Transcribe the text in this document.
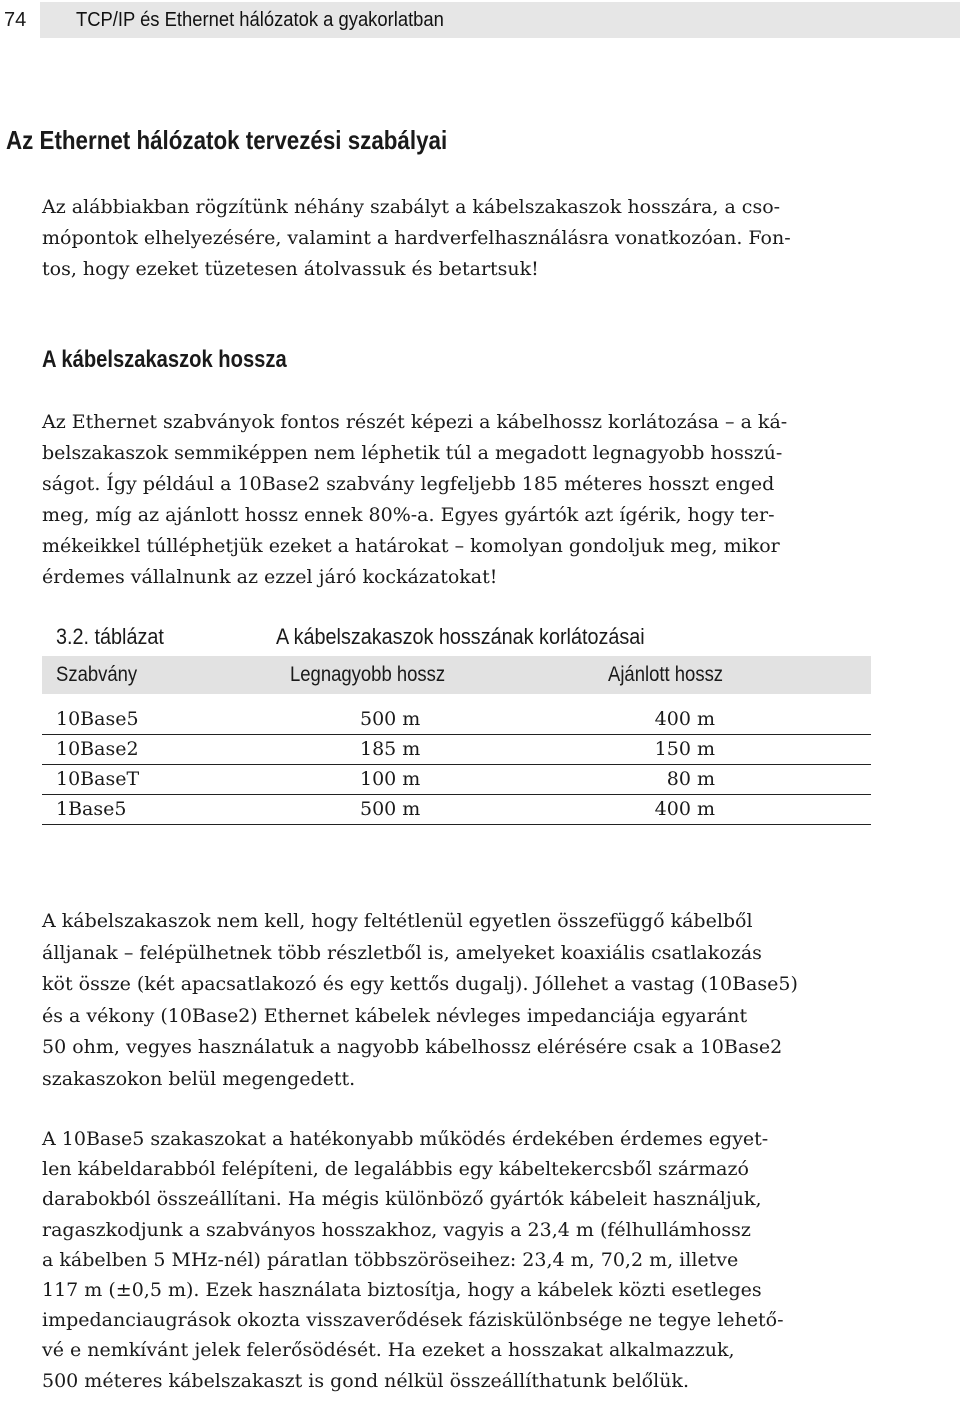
74	TCP/IP és Ethernet hálózatok a gyakorlatban
Az Ethernet hálózatok tervezési szabályai

Az alábbiakban rögzítünk néhány szabályt a kábelszakaszok hosszára, a cso-
mópontok elhelyezésére, valamint a hardverfelhasználásra vonatkozóan. Fon-
tos, hogy ezeket tüzetesen átolvassuk és betartsuk!

A kábelszakaszok hossza

Az Ethernet szabványok fontos részét képezi a kábelhossz korlátozása – a ká-
belszakaszok semmiképpen nem léphetik túl a megadott legnagyobb hosszú-
ságot. Így például a 10Base2 szabvány legfeljebb 185 méteres hosszt enged
meg, míg az ajánlott hossz ennek 80%-a. Egyes gyártók azt ígérik, hogy ter-
mékeikkel túlléphetjük ezeket a határokat – komolyan gondoljuk meg, mikor
érdemes vállalnunk az ezzel járó kockázatokat!

3.2. táblázat	A kábelszakaszok hosszának korlátozásai
Szabvány	Legnagyobb hossz	Ajánlott hossz
10Base5	500 m	400 m
10Base2	185 m	150 m
10BaseT	100 m	80 m
1Base5	500 m	400 m

A kábelszakaszok nem kell, hogy feltétlenül egyetlen összefüggő kábelből
álljanak – felépülhetnek több részletből is, amelyeket koaxiális csatlakozás
köt össze (két apacsatlakozó és egy kettős dugalj). Jóllehet a vastag (10Base5)
és a vékony (10Base2) Ethernet kábelek névleges impedanciája egyaránt
50 ohm, vegyes használatuk a nagyobb kábelhossz elérésére csak a 10Base2
szakaszokon belül megengedett.

A 10Base5 szakaszokat a hatékonyabb működés érdekében érdemes egyet-
len kábeldarabból felépíteni, de legalábbis egy kábeltekercsből származó
darabokból összeállítani. Ha mégis különböző gyártók kábeleit használjuk,
ragaszkodjunk a szabványos hosszakhoz, vagyis a 23,4 m (félhullámhossz
a kábelben 5 MHz-nél) páratlan többszöröseihez: 23,4 m, 70,2 m, illetve
117 m (±0,5 m). Ezek használata biztosítja, hogy a kábelek közti esetleges
impedanciaugrások okozta visszaverődések fáziskülönbsége ne tegye lehető-
vé e nemkívánt jelek felerősödését. Ha ezeket a hosszakat alkalmazzuk,
500 méteres kábelszakaszt is gond nélkül összeállíthatunk belőlük.
